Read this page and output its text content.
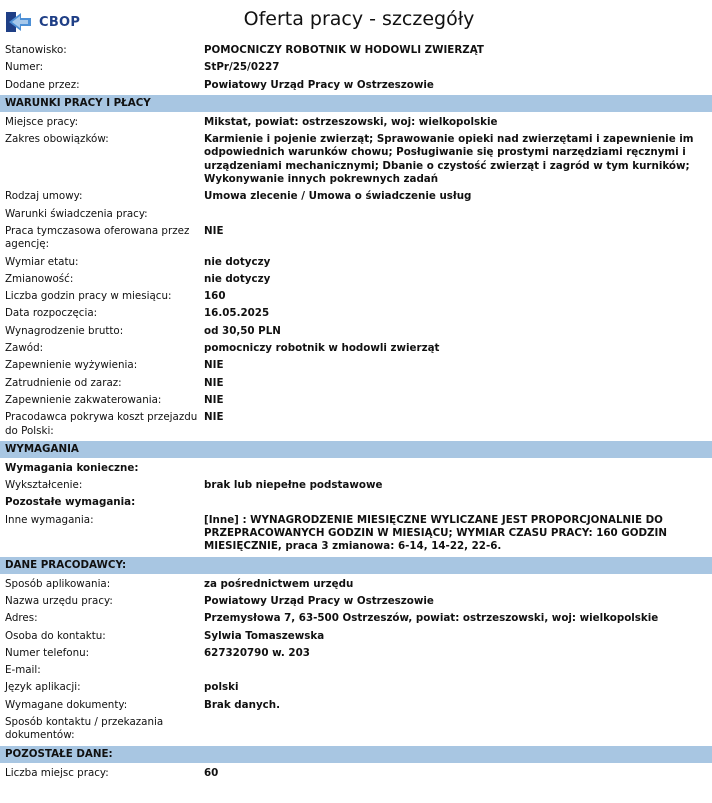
CBOP	Oferta pracy - szczegóły
Stanowisko:	POMOCNICZY ROBOTNIK W HODOWLI ZWIERZĄT
Numer:	StPr/25/0227
Dodane przez:	Powiatowy Urząd Pracy w Ostrzeszowie
WARUNKI PRACY I PŁACY
Miejsce pracy:	Mikstat, powiat: ostrzeszowski, woj: wielkopolskie
Zakres obowiązków:	Karmienie i pojenie zwierząt; Sprawowanie opieki nad zwierzętami i zapewnienie im odpowiednich warunków chowu; Posługiwanie się prostymi narzędziami ręcznymi i urządzeniami mechanicznymi; Dbanie o czystość zwierząt i zagród w tym kurników; Wykonywanie innych pokrewnych zadań
Rodzaj umowy:	Umowa zlecenie / Umowa o świadczenie usług
Warunki świadczenia pracy:
Praca tymczasowa oferowana przez agencję:
NIE
Wymiar etatu:	nie dotyczy
Zmianowość:	nie dotyczy
Liczba godzin pracy w miesiącu:	160
Data rozpoczęcia:	16.05.2025
Wynagrodzenie brutto:	od 30,50 PLN
Zawód:	pomocniczy robotnik w hodowli zwierząt
Zapewnienie wyżywienia:	NIE
Zatrudnienie od zaraz:	NIE
Zapewnienie zakwaterowania:	NIE
Pracodawca pokrywa koszt przejazdu do Polski:
NIE
WYMAGANIA
Wymagania konieczne:
Wykształcenie:	brak lub niepełne podstawowe
Pozostałe wymagania:
Inne wymagania:	[Inne] : WYNAGRODZENIE MIESIĘCZNE WYLICZANE JEST PROPORCJONALNIE DO PRZEPRACOWANYCH GODZIN W MIESIĄCU; WYMIAR CZASU PRACY: 160 GODZIN MIESIĘCZNIE, praca 3 zmianowa: 6-14, 14-22, 22-6.
DANE PRACODAWCY:
Sposób aplikowania:	za pośrednictwem urzędu
Nazwa urzędu pracy:	Powiatowy Urząd Pracy w Ostrzeszowie
Adres:	Przemysłowa 7, 63-500 Ostrzeszów, powiat: ostrzeszowski, woj: wielkopolskie
Osoba do kontaktu:	Sylwia Tomaszewska
Numer telefonu:	627320790 w. 203
E-mail:
Język aplikacji:	polski
Wymagane dokumenty:	Brak danych.
Sposób kontaktu / przekazania dokumentów:
POZOSTAŁE DANE:
Liczba miejsc pracy:	60
